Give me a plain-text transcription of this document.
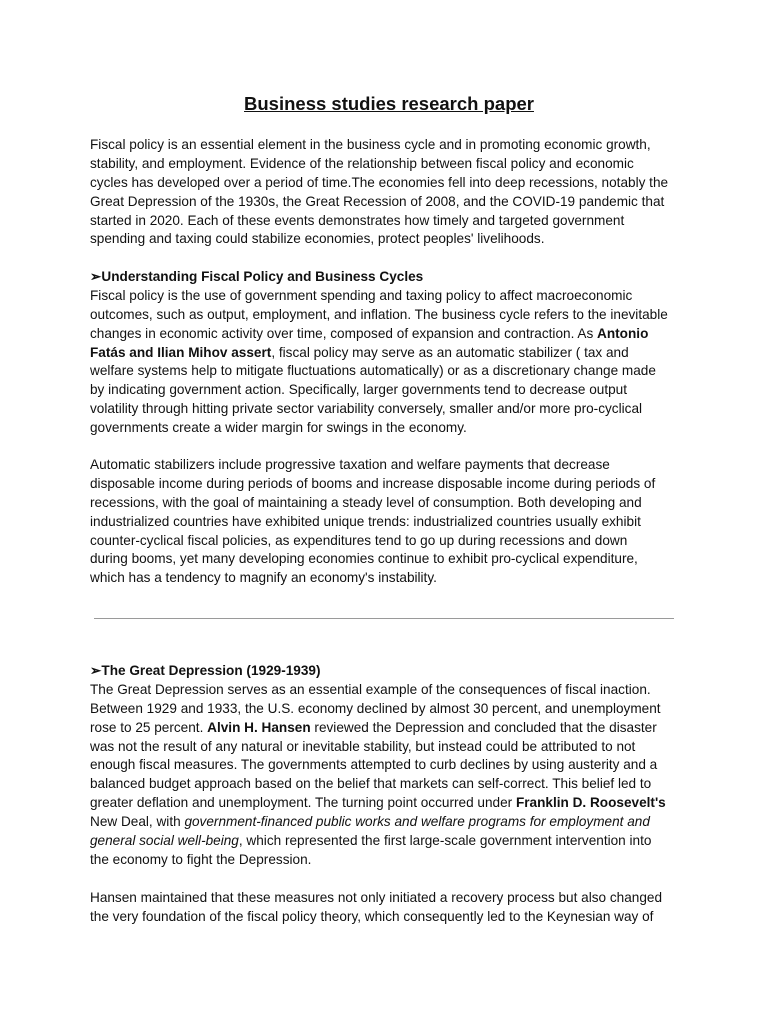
Business studies research paper
Fiscal policy is an essential element in the business cycle and in promoting economic growth,
stability, and employment. Evidence of the relationship between fiscal policy and economic
cycles has developed over a period of time.The economies fell into deep recessions, notably the
Great Depression of the 1930s, the Great Recession of 2008, and the COVID-19 pandemic that
started in 2020. Each of these events demonstrates how timely and targeted government
spending and taxing could stabilize economies, protect peoples' livelihoods.
➢Understanding Fiscal Policy and Business Cycles
Fiscal policy is the use of government spending and taxing policy to affect macroeconomic
outcomes, such as output, employment, and inflation. The business cycle refers to the inevitable
changes in economic activity over time, composed of expansion and contraction. As Antonio
Fatás and Ilian Mihov assert, fiscal policy may serve as an automatic stabilizer ( tax and
welfare systems help to mitigate fluctuations automatically) or as a discretionary change made
by indicating government action. Specifically, larger governments tend to decrease output
volatility through hitting private sector variability conversely, smaller and/or more pro-cyclical
governments create a wider margin for swings in the economy.
Automatic stabilizers include progressive taxation and welfare payments that decrease
disposable income during periods of booms and increase disposable income during periods of
recessions, with the goal of maintaining a steady level of consumption. Both developing and
industrialized countries have exhibited unique trends: industrialized countries usually exhibit
counter-cyclical fiscal policies, as expenditures tend to go up during recessions and down
during booms, yet many developing economies continue to exhibit pro-cyclical expenditure,
which has a tendency to magnify an economy's instability.
➢The Great Depression (1929-1939)
The Great Depression serves as an essential example of the consequences of fiscal inaction.
Between 1929 and 1933, the U.S. economy declined by almost 30 percent, and unemployment
rose to 25 percent. Alvin H. Hansen reviewed the Depression and concluded that the disaster
was not the result of any natural or inevitable stability, but instead could be attributed to not
enough fiscal measures. The governments attempted to curb declines by using austerity and a
balanced budget approach based on the belief that markets can self-correct. This belief led to
greater deflation and unemployment. The turning point occurred under Franklin D. Roosevelt's
New Deal, with government-financed public works and welfare programs for employment and
general social well-being, which represented the first large-scale government intervention into
the economy to fight the Depression.
Hansen maintained that these measures not only initiated a recovery process but also changed
the very foundation of the fiscal policy theory, which consequently led to the Keynesian way of
